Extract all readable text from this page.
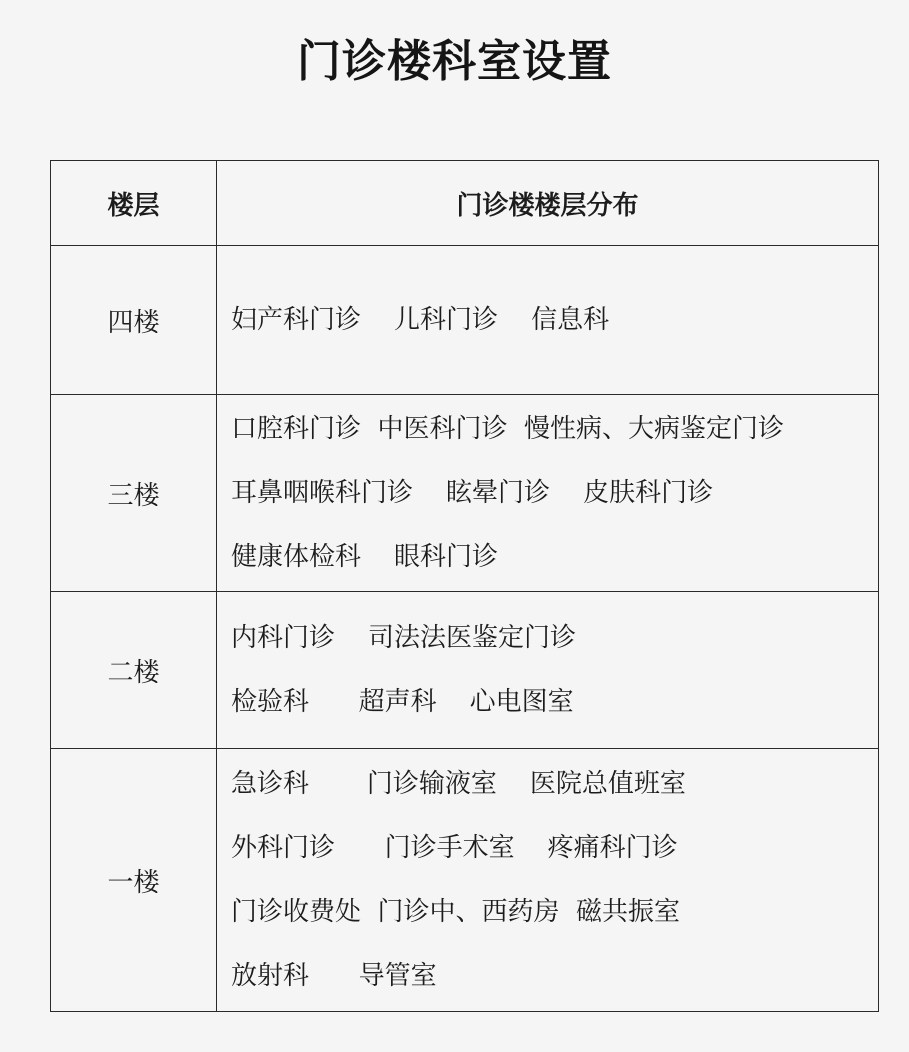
门诊楼科室设置
楼层	门诊楼楼层分布
四楼	妇产科门诊    儿科门诊    信息科

三楼	口腔科门诊  中医科门诊  慢性病、大病鉴定门诊
耳鼻咽喉科门诊    眩晕门诊    皮肤科门诊
健康体检科    眼科门诊

二楼	内科门诊    司法法医鉴定门诊
检验科      超声科    心电图室

一楼	急诊科       门诊输液室    医院总值班室
外科门诊      门诊手术室    疼痛科门诊
门诊收费处  门诊中、西药房  磁共振室
放射科      导管室
